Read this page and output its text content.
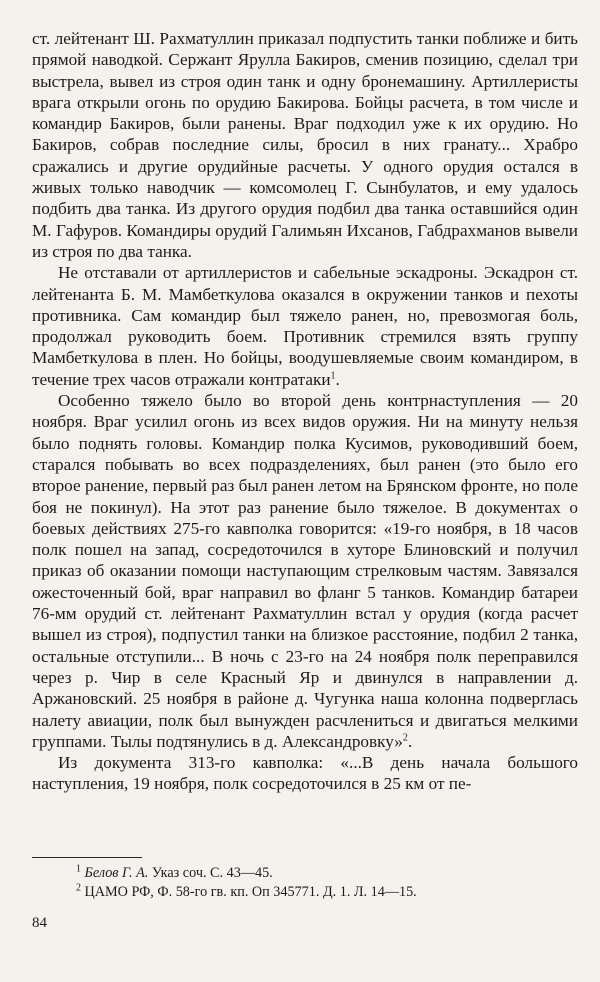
ст. лейтенант Ш. Рахматуллин приказал подпустить танки поближе и бить прямой наводкой. Сержант Ярулла Бакиров, сменив позицию, сделал три выстрела, вывел из строя один танк и одну бронемашину. Артиллеристы врага открыли огонь по орудию Бакирова. Бойцы расчета, в том числе и командир Бакиров, были ранены. Враг подходил уже к их орудию. Но Бакиров, собрав последние силы, бросил в них гранату... Храбро сражались и другие орудийные расчеты. У одного орудия остался в живых только наводчик — комсомолец Г. Сынбулатов, и ему удалось подбить два танка. Из другого орудия подбил два танка оставшийся один М. Гафуров. Командиры орудий Галимьян Ихсанов, Габдрахманов вывели из строя по два танка.

Не отставали от артиллеристов и сабельные эскадроны. Эскадрон ст. лейтенанта Б. М. Мамбеткулова оказался в окружении танков и пехоты противника. Сам командир был тяжело ранен, но, превозмогая боль, продолжал руководить боем. Противник стремился взять группу Мамбеткулова в плен. Но бойцы, воодушевляемые своим командиром, в течение трех часов отражали контратаки$^1$.

Особенно тяжело было во второй день контрнаступления — 20 ноября. Враг усилил огонь из всех видов оружия. Ни на минуту нельзя было поднять головы. Командир полка Кусимов, руководивший боем, старался побывать во всех подразделениях, был ранен (это было его второе ранение, первый раз был ранен летом на Брянском фронте, но поле боя не покинул). На этот раз ранение было тяжелое. В документах о боевых действиях 275-го кавполка говорится: «19-го ноября, в 18 часов полк пошел на запад, сосредоточился в хуторе Блиновский и получил приказ об оказании помощи наступающим стрелковым частям. Завязался ожесточенный бой, враг направил во фланг 5 танков. Командир батареи 76-мм орудий ст. лейтенант Рахматуллин встал у орудия (когда расчет вышел из строя), подпустил танки на близкое расстояние, подбил 2 танка, остальные отступили... В ночь с 23-го на 24 ноября полк переправился через р. Чир в селе Красный Яр и двинулся в направлении д. Аржановский. 25 ноября в районе д. Чугунка наша колонна подверглась налету авиации, полк был вынужден расчлениться и двигаться мелкими группами. Тылы подтянулись в д. Александровку»$^2$.

Из документа 313-го кавполка: «...В день начала большого наступления, 19 ноября, полк сосредоточился в 25 км от пе-

$^1$ Белов Г. А. Указ соч. С. 43—45.

$^2$ ЦАМО РФ, Ф. 58-го гв. кп. Оп 345771. Д. 1. Л. 14—15.

84
